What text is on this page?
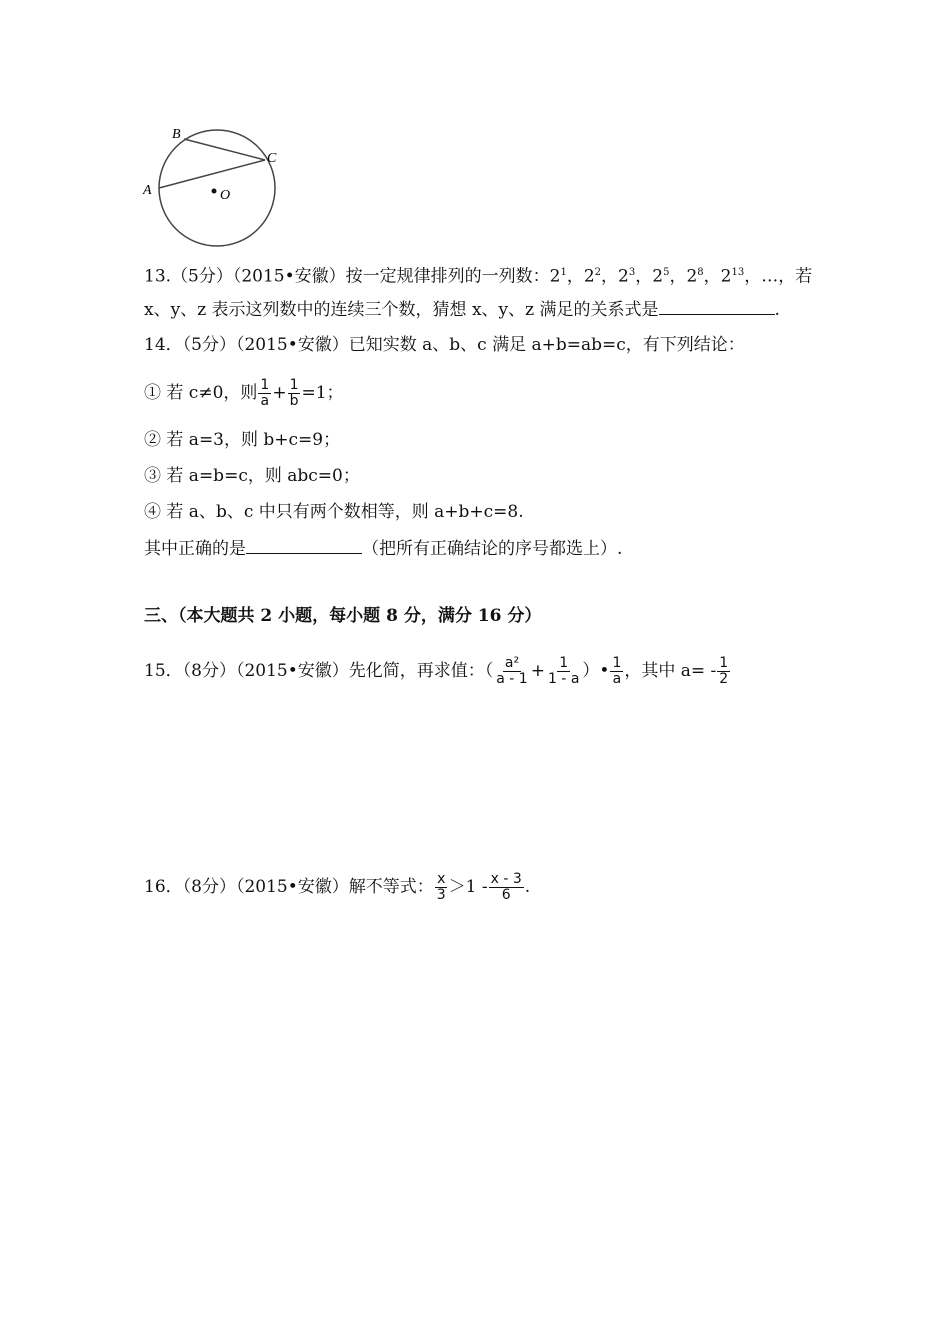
B
C
A	O
13.（5分）（2015•安徽）按一定规律排列的一列数：$2^1$，$2^2$，$2^3$，$2^5$，$2^8$，$2^{13}$，…，若
x、y、z 表示这列数中的连续三个数，猜想 x、y、z 满足的关系式是	.
14．（5分）（2015•安徽）已知实数 a、b、c 满足 a+b=ab=c，有下列结论：
① 若 c≠0，则 $\frac{1}{a} + \frac{1}{b} =1$；
② 若 a=3，则 b+c=9；
③ 若 a=b=c，则 abc=0；
④ 若 a、b、c 中只有两个数相等，则 a+b+c=8.
其中正确的是	（把所有正确结论的序号都选上）.
三、（本大题共 2 小题，每小题 8 分，满分 16 分）
15．（8分）（2015•安徽）先化简，再求值：（ $\frac{\text{a²}}{a - 1} + \frac{1}{1 - a}$ ）• $\frac{1}{a}$ ，其中 $a= - \frac{1}{2}$
16．（8分）（2015•安徽）解不等式： $\frac{x}{3} >1 - \frac{x - 3}{6}$ .
